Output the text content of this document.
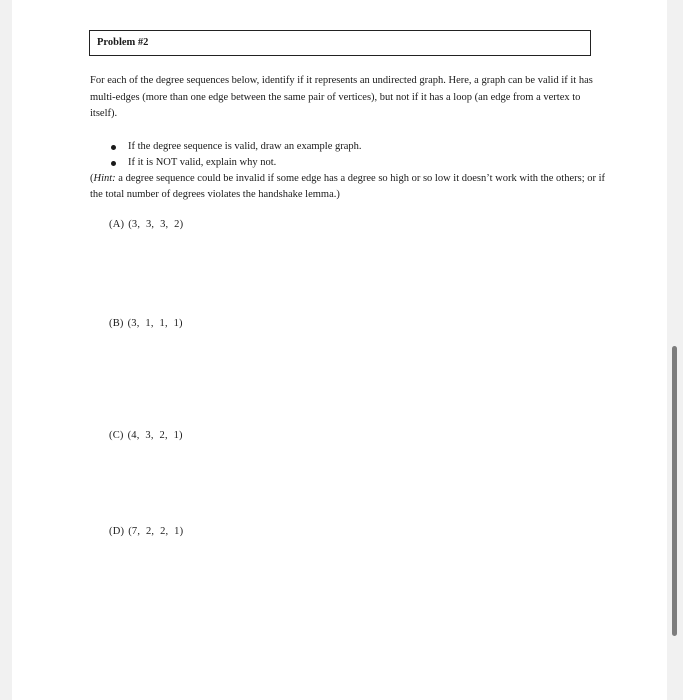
Problem #2
For each of the degree sequences below, identify if it represents an undirected graph. Here, a graph can be valid if it has multi-edges (more than one edge between the same pair of vertices), but not if it has a loop (an edge from a vertex to itself).
If the degree sequence is valid, draw an example graph.
If it is NOT valid, explain why not.
(Hint: a degree sequence could be invalid if some edge has a degree so high or so low it doesn’t work with the others; or if the total number of degrees violates the handshake lemma.)
(A) (3, 3, 3, 2)
(B) (3, 1, 1, 1)
(C) (4, 3, 2, 1)
(D) (7, 2, 2, 1)
